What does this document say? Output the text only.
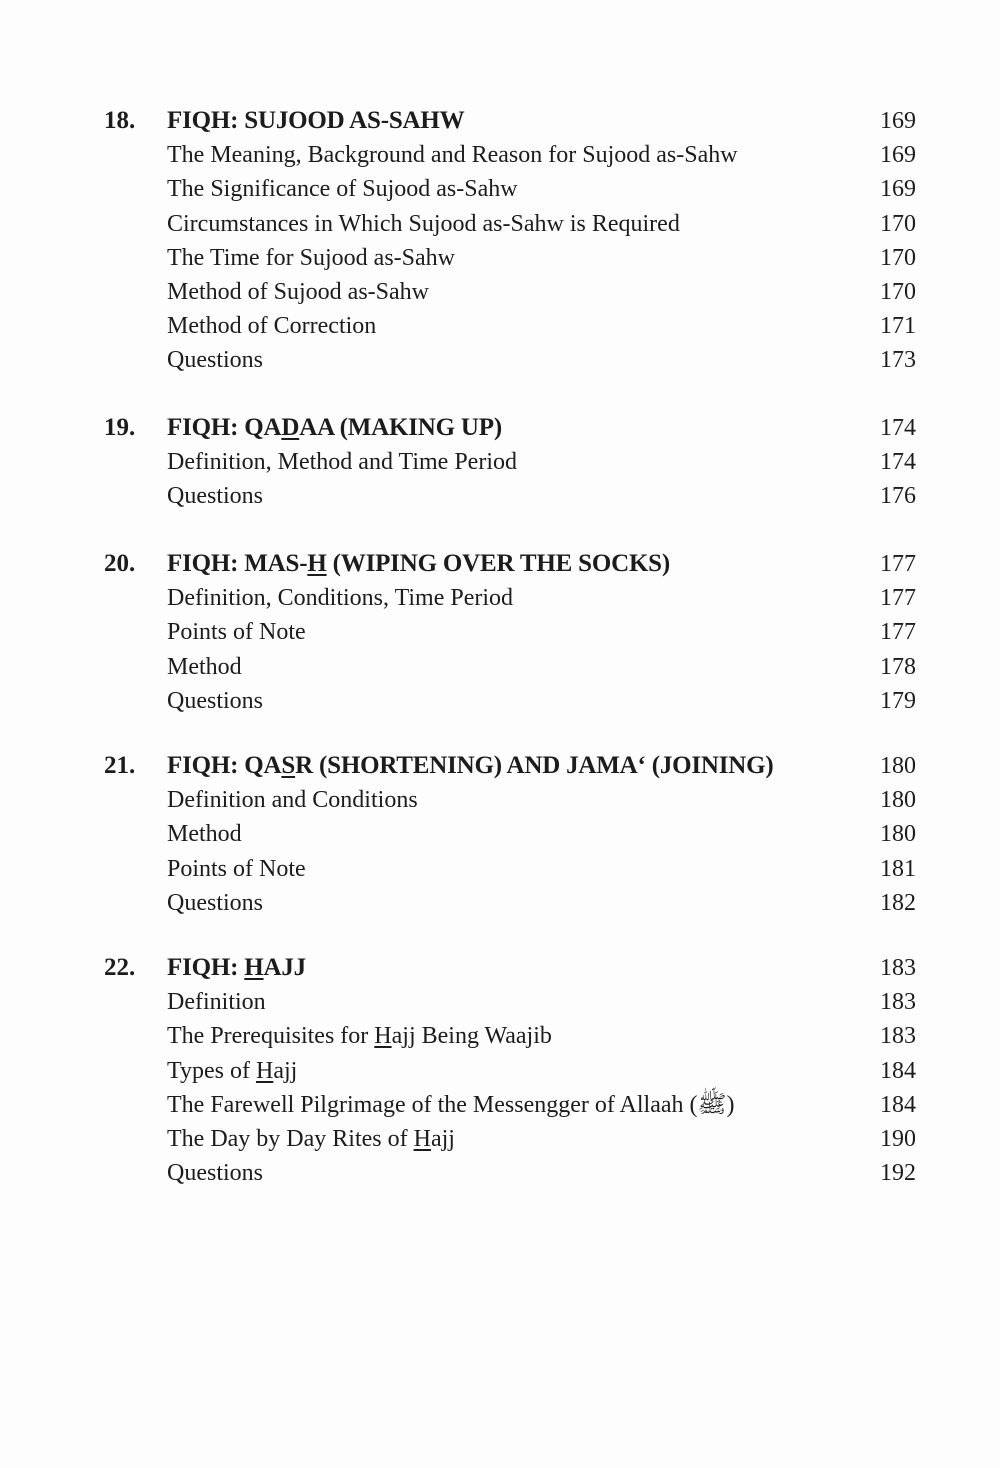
18. FIQH: SUJOOD AS-SAHW	169
The Meaning, Background and Reason for Sujood as-Sahw	169
The Significance of Sujood as-Sahw	169
Circumstances in Which Sujood as-Sahw is Required	170
The Time for Sujood as-Sahw	170
Method of Sujood as-Sahw	170
Method of Correction	171
Questions	173
19. FIQH: QADAA (MAKING UP)	174
Definition, Method and Time Period	174
Questions	176
20. FIQH: MAS-H (WIPING OVER THE SOCKS)	177
Definition, Conditions, Time Period	177
Points of Note	177
Method	178
Questions	179
21. FIQH: QASR (SHORTENING) AND JAMA‘ (JOINING)	180
Definition and Conditions	180
Method	180
Points of Note	181
Questions	182
22. FIQH: HAJJ	183
Definition	183
The Prerequisites for Hajj Being Waajib	183
Types of Hajj	184
The Farewell Pilgrimage of the Messengger of Allaah (ﷺ)	184
The Day by Day Rites of Hajj	190
Questions	192
